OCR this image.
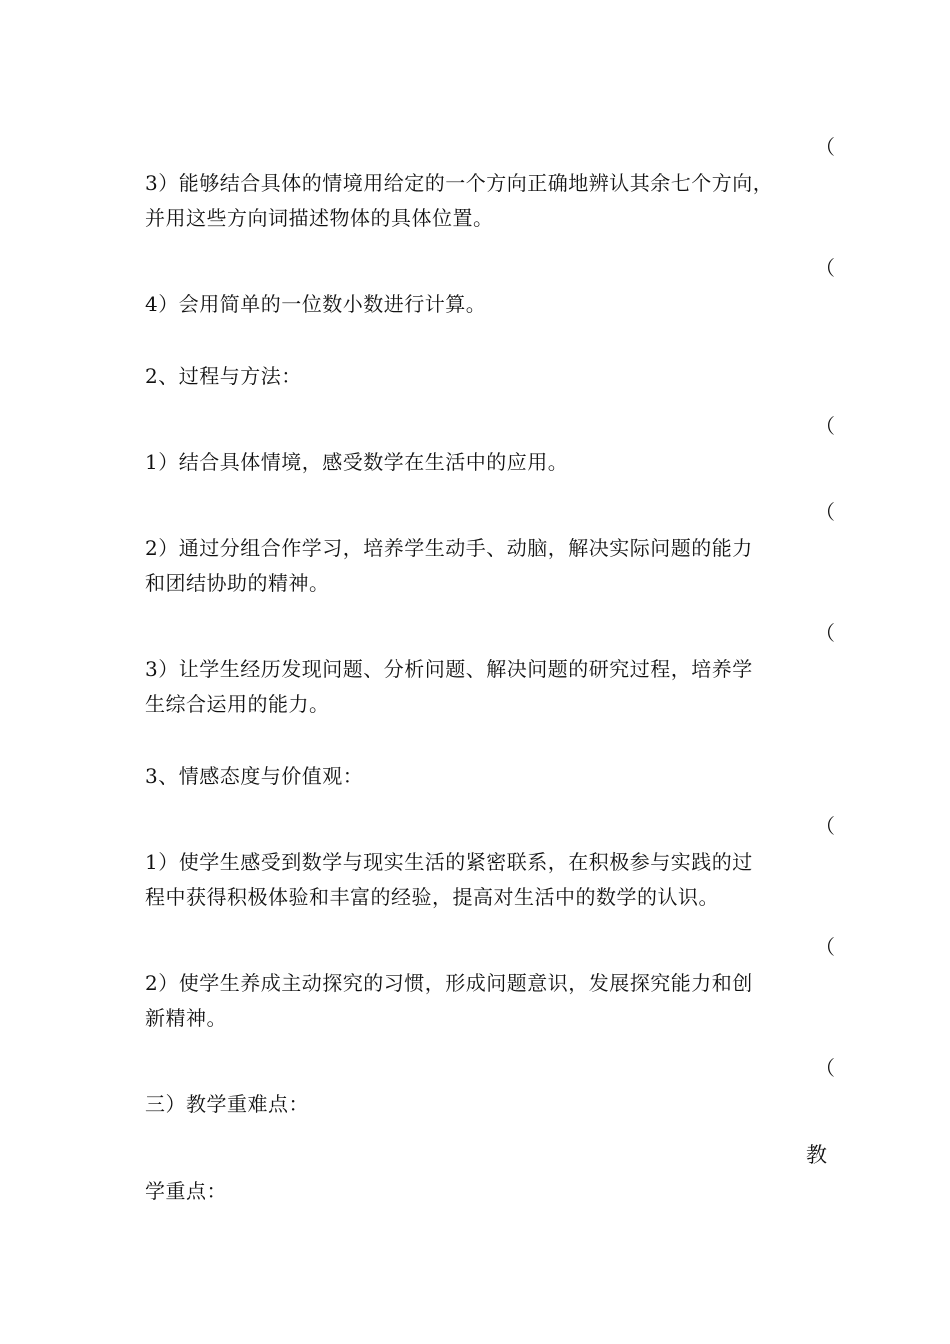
（
3）能够结合具体的情境用给定的一个方向正确地辨认其余七个方向，
并用这些方向词描述物体的具体位置。
（
4）会用简单的一位数小数进行计算。
2、过程与方法：
（
1）结合具体情境，感受数学在生活中的应用。
（
2）通过分组合作学习，培养学生动手、动脑，解决实际问题的能力
和团结协助的精神。
（
3）让学生经历发现问题、分析问题、解决问题的研究过程，培养学
生综合运用的能力。
3、情感态度与价值观：
（
1）使学生感受到数学与现实生活的紧密联系，在积极参与实践的过
程中获得积极体验和丰富的经验，提高对生活中的数学的认识。
（
2）使学生养成主动探究的习惯，形成问题意识，发展探究能力和创
新精神。
（
三）教学重难点：
教
学重点：
